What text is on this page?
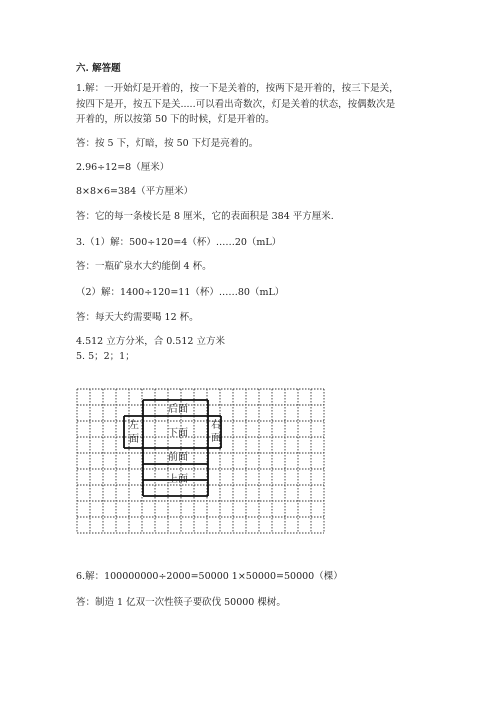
六. 解答题
1.解：一开始灯是开着的，按一下是关着的，按两下是开着的，按三下是关，
按四下是开，按五下是关.....可以看出奇数次，灯是关着的状态，按偶数次是
开着的，所以按第 50 下的时候，灯是开着的。
答：按 5 下，灯暗，按 50 下灯是亮着的。
2.96÷12=8（厘米）
8×8×6=384（平方厘米）
答：它的每一条棱长是 8 厘米，它的表面积是 384 平方厘米.
3.（1）解：500÷120=4（杯）……20（mL）
答：一瓶矿泉水大约能倒 4 杯。
（2）解：1400÷120=11（杯）……80（mL）
答：每天大约需要喝 12 杯。
4.512 立方分米，合 0.512 立方米
5. 5；2；1；
后面
左
面
下面
右
面
前面
上面
6.解：100000000÷2000=50000 1×50000=50000（棵）
答：制造 1 亿双一次性筷子要砍伐 50000 棵树。
